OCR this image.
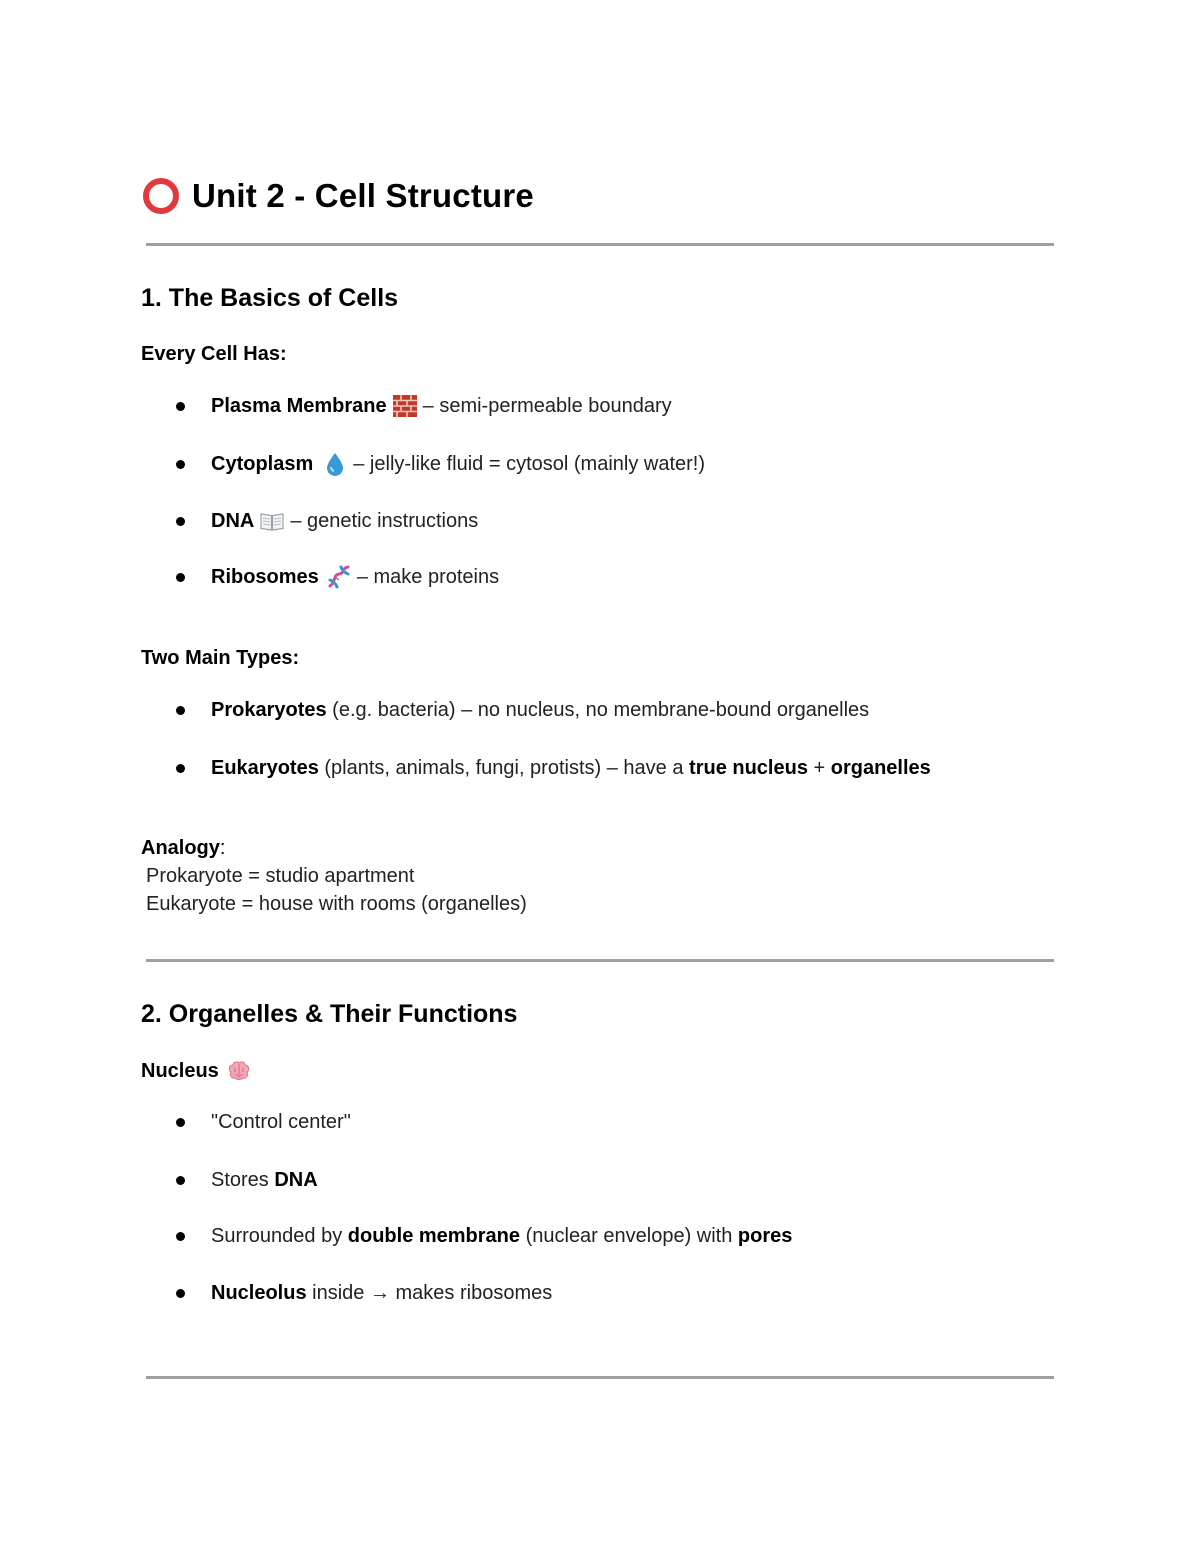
Unit 2 - Cell Structure
1. The Basics of Cells
Every Cell Has:
Plasma Membrane – semi-permeable boundary
Cytoplasm – jelly-like fluid = cytosol (mainly water!)
DNA – genetic instructions
Ribosomes – make proteins
Two Main Types:
Prokaryotes (e.g. bacteria) – no nucleus, no membrane-bound organelles
Eukaryotes (plants, animals, fungi, protists) – have a true nucleus + organelles
Analogy:
Prokaryote = studio apartment
Eukaryote = house with rooms (organelles)
2. Organelles & Their Functions
Nucleus
"Control center"
Stores DNA
Surrounded by double membrane (nuclear envelope) with pores
Nucleolus inside → makes ribosomes
